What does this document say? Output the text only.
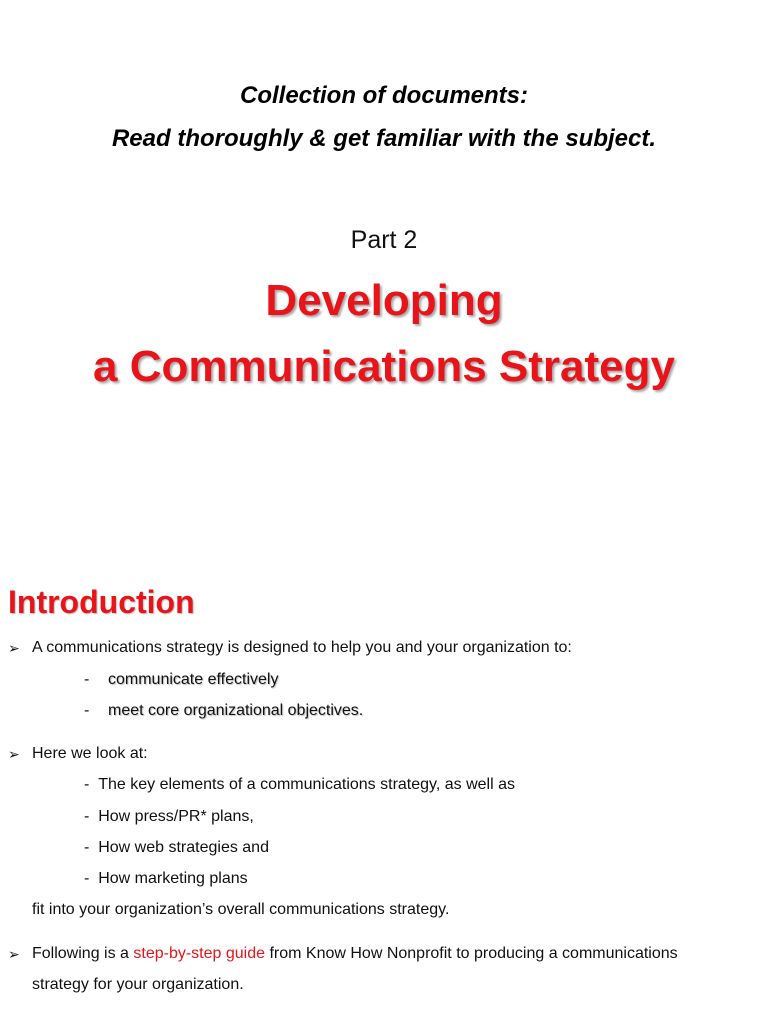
Collection of documents:
Read thoroughly & get familiar with the subject.
Part 2
Developing
a Communications Strategy
Introduction
➢ A communications strategy is designed to help you and your organization to:
- communicate effectively
- meet core organizational objectives.
➢ Here we look at:
-  The key elements of a communications strategy, as well as
-  How press/PR* plans,
-  How web strategies and
-  How marketing plans
fit into your organization’s overall communications strategy.
➢ Following is a step-by-step guide from Know How Nonprofit to producing a communications
strategy for your organization.
